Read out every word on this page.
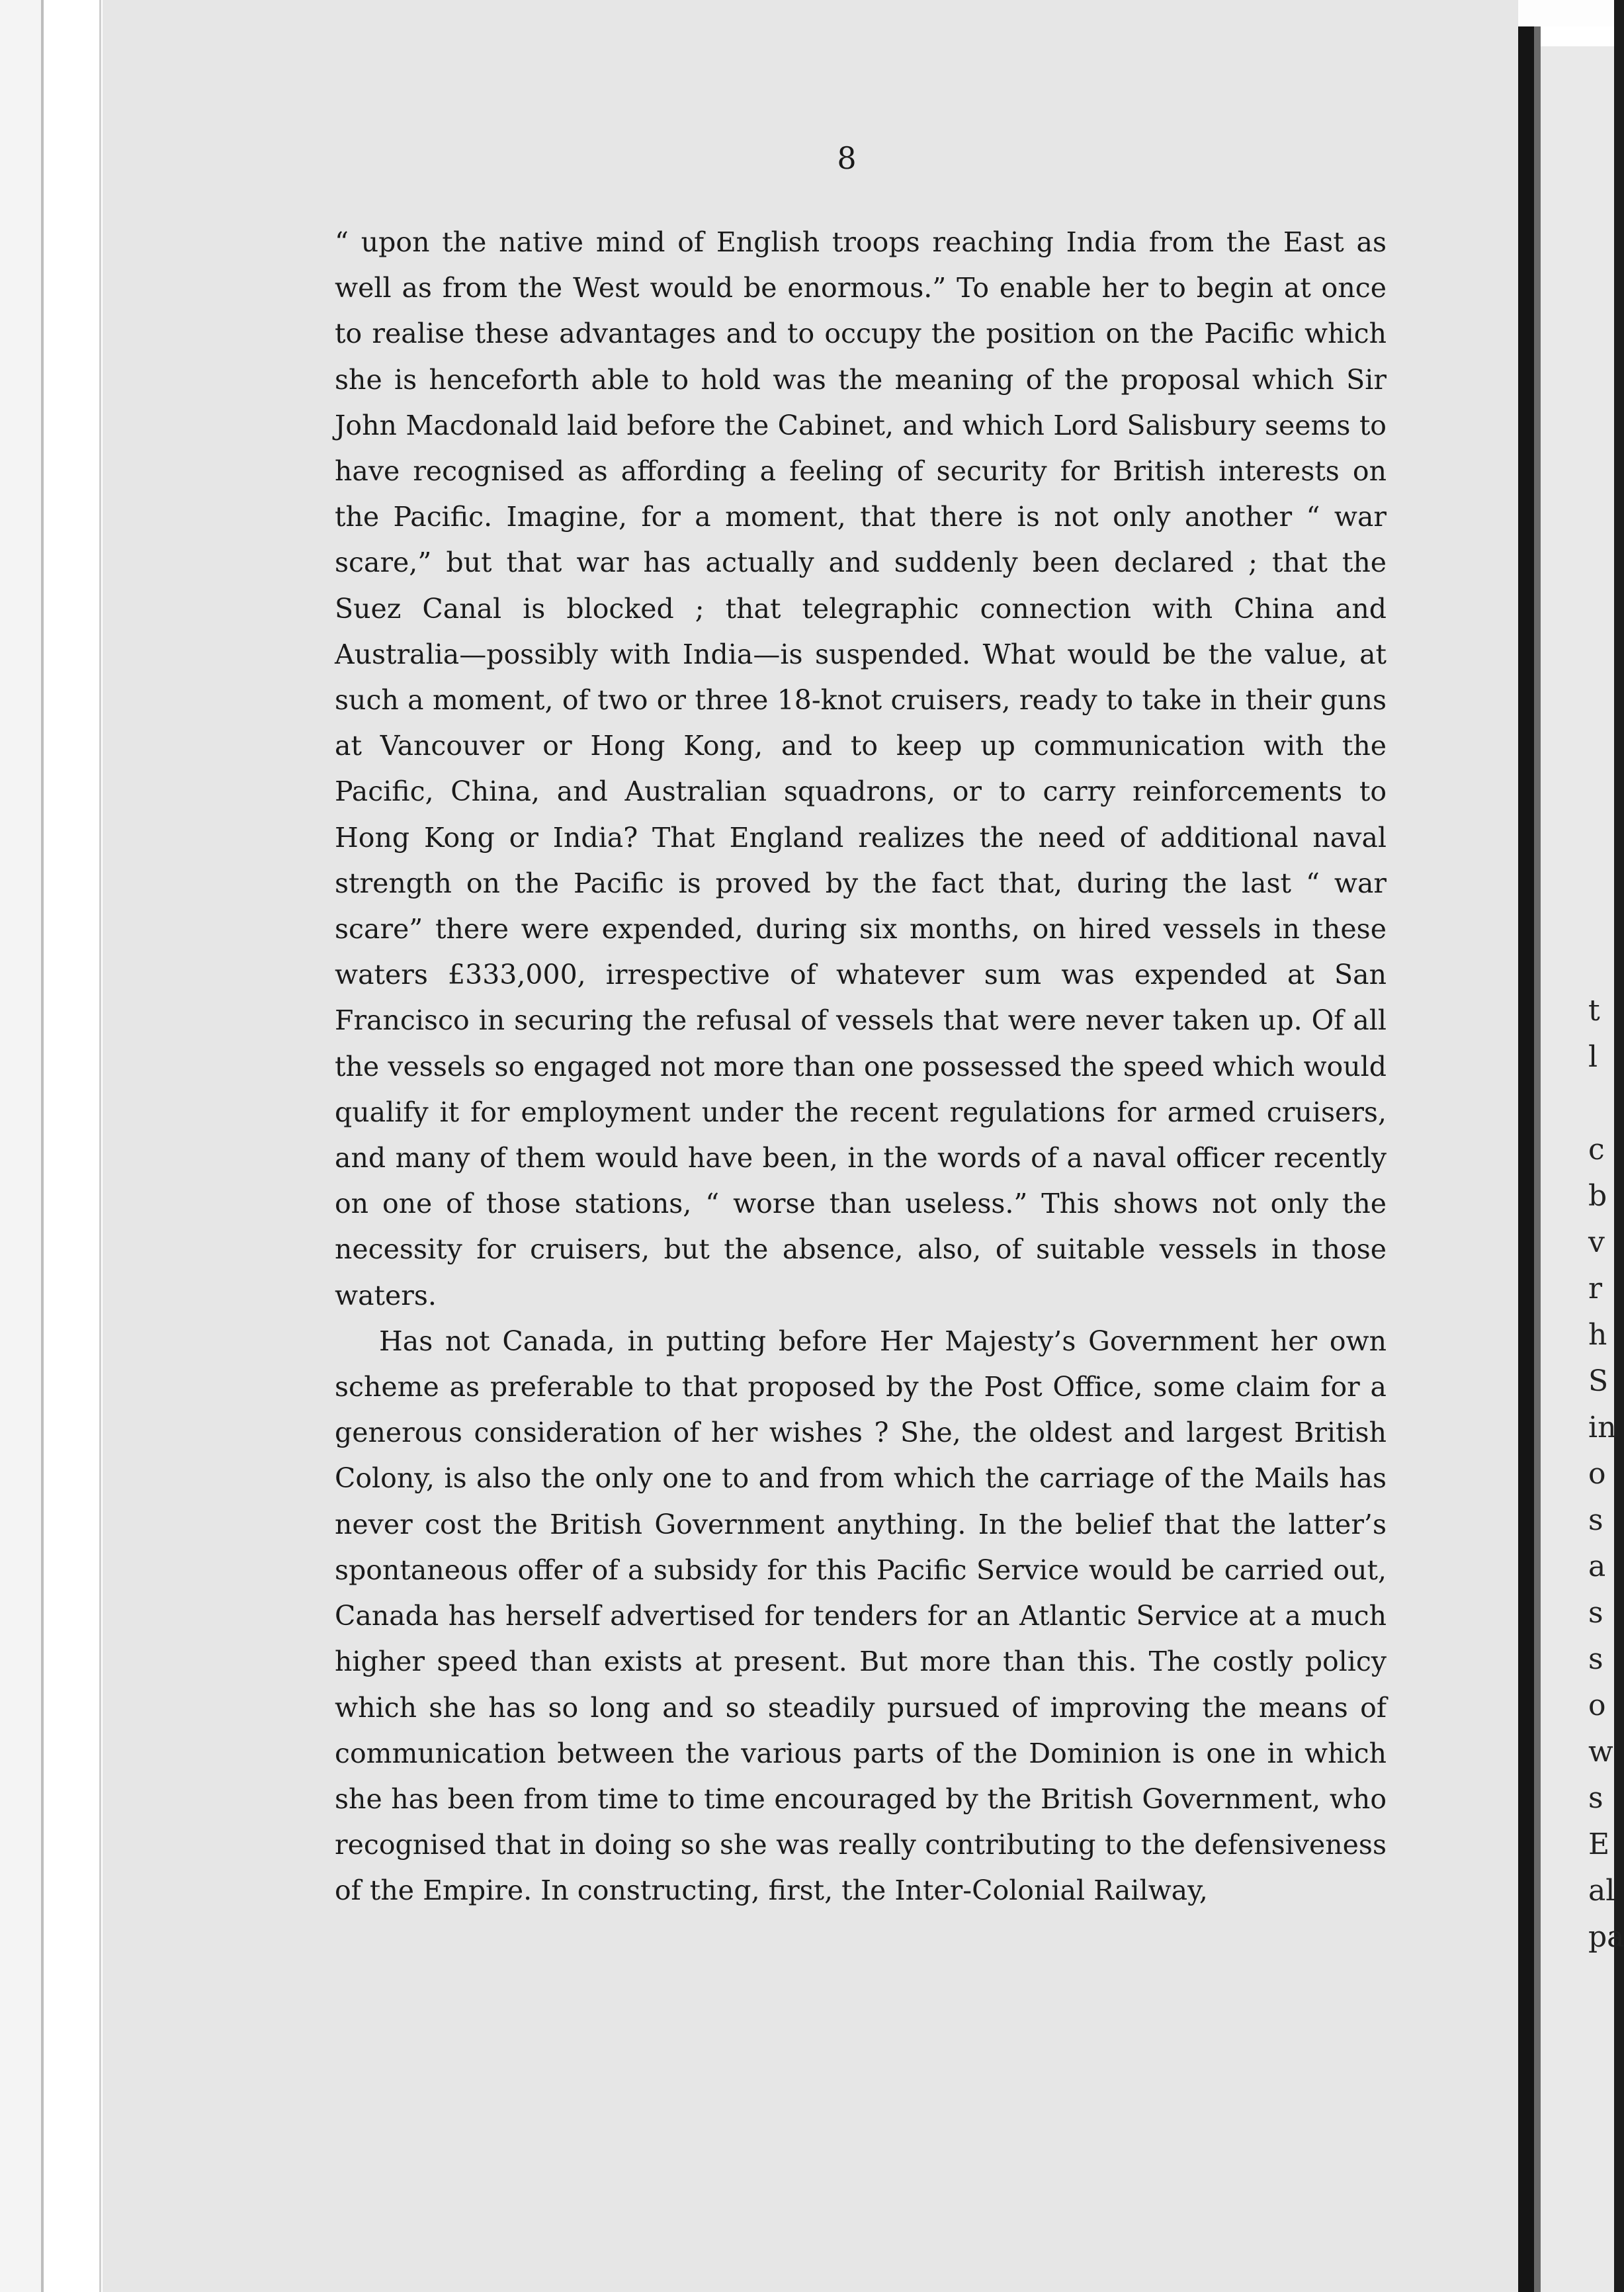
8

“ upon the native mind of English troops reaching India from the East as well as from the West would be enormous.” To enable her to begin at once to realise these advantages and to occupy the position on the Pacific which she is henceforth able to hold was the meaning of the proposal which Sir John Macdonald laid before the Cabinet, and which Lord Salisbury seems to have recognised as affording a feeling of security for British interests on the Pacific. Imagine, for a moment, that there is not only another “ war scare,” but that war has actually and suddenly been declared ; that the Suez Canal is blocked ; that telegraphic connection with China and Australia—possibly with India—is suspended. What would be the value, at such a moment, of two or three 18-knot cruisers, ready to take in their guns at Vancouver or Hong Kong, and to keep up communication with the Pacific, China, and Australian squadrons, or to carry reinforcements to Hong Kong or India? That England realizes the need of additional naval strength on the Pacific is proved by the fact that, during the last “ war scare” there were expended, during six months, on hired vessels in these waters £333,000, irrespective of whatever sum was expended at San Francisco in securing the refusal of vessels that were never taken up. Of all the vessels so engaged not more than one possessed the speed which would qualify it for employment under the recent regulations for armed cruisers, and many of them would have been, in the words of a naval officer recently on one of those stations, “ worse than useless.” This shows not only the necessity for cruisers, but the absence, also, of suitable vessels in those waters.

Has not Canada, in putting before Her Majesty’s Government her own scheme as preferable to that proposed by the Post Office, some claim for a generous consideration of her wishes ? She, the oldest and largest British Colony, is also the only one to and from which the carriage of the Mails has never cost the British Government anything. In the belief that the latter’s spontaneous offer of a subsidy for this Pacific Service would be carried out, Canada has herself advertised for tenders for an Atlantic Service at a much higher speed than exists at present. But more than this. The costly policy which she has so long and so steadily pursued of improving the means of communication between the various parts of the Dominion is one in which she has been from time to time encouraged by the British Government, who recognised that in doing so she was really contributing to the defensiveness of the Empire. In constructing, first, the Inter-Colonial Railway,

t
l
c
b
v
r
h
S
in
o
s
a
s
s
o
w
s
E
al
pa
